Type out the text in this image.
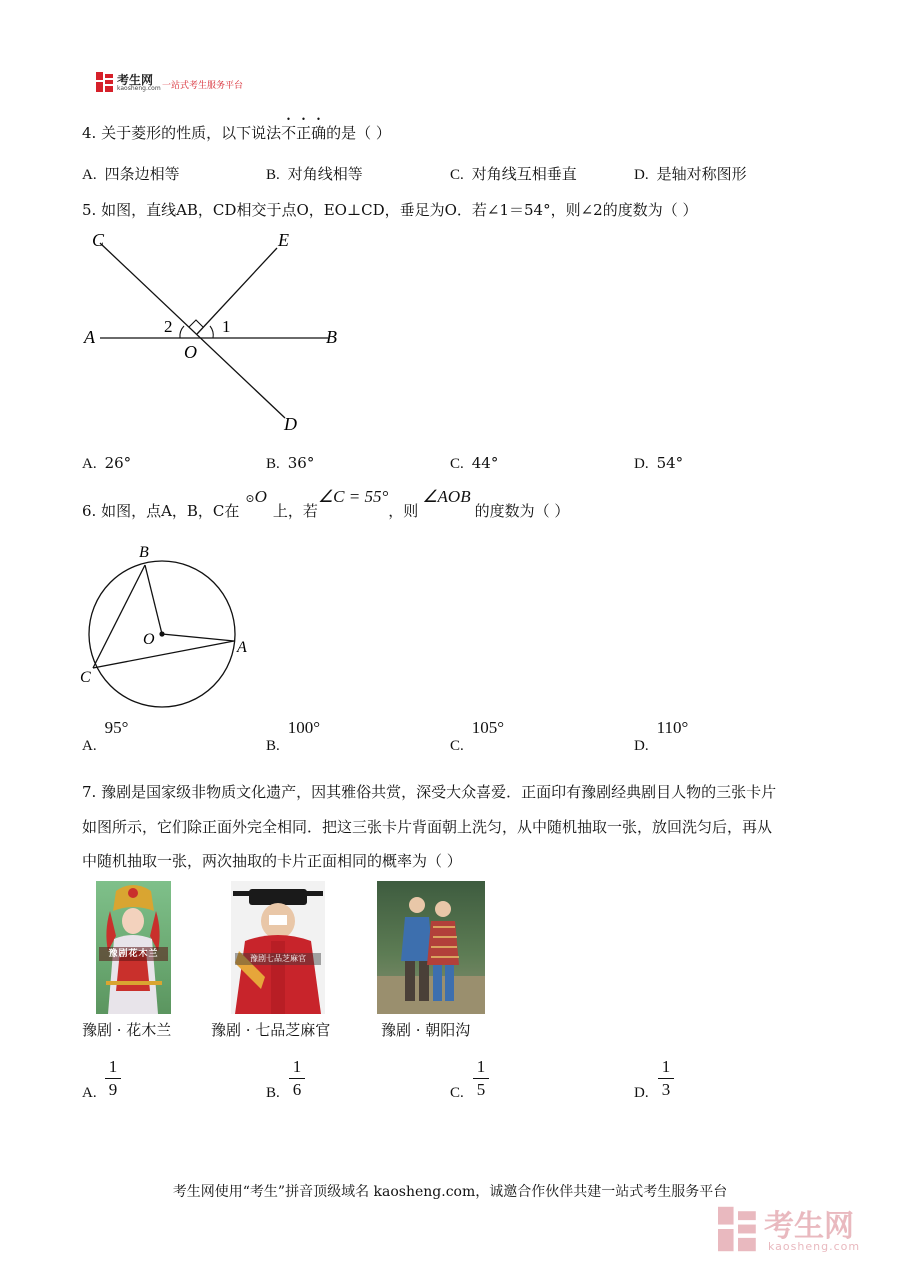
考生网
kaosheng.com 一站式考生服务平台
4. 关于菱形的性质，以下说法不正确的是（ ）
A. 四条边相等	B. 对角线相等	C. 对角线互相垂直	D. 是轴对称图形
5. 如图，直线AB，CD相交于点O，EO⊥CD，垂足为O．若∠1＝54°，则∠2的度数为（ ）
C	E
A	B
O
D
1
2
A. 26°	B. 36°	C. 44°	D. 54°
6. 如图，点A，B，C在⊙O上，若∠C = 55°，则∠AOB的度数为（ ）
B
O	A
C
A.95°
B.100°
C.105°
D.110°
7. 豫剧是国家级非物质文化遗产，因其雅俗共赏，深受大众喜爱．正面印有豫剧经典剧目人物的三张卡片
如图所示，它们除正面外完全相同．把这三张卡片背面朝上洗匀，从中随机抽取一张，放回洗匀后，再从
中随机抽取一张，两次抽取的卡片正面相同的概率为（ ）
豫剧花木兰	豫剧七品芝麻官
豫剧 · 花木兰	豫剧 · 七品芝麻官	豫剧 · 朝阳沟
A.
1
9	B.
1
6	C.
1
5	D.
1
3
考生网使用“考生”拼音顶级域名 kaosheng.com，诚邀合作伙伴共建一站式考生服务平台
考生网
kaosheng.com
